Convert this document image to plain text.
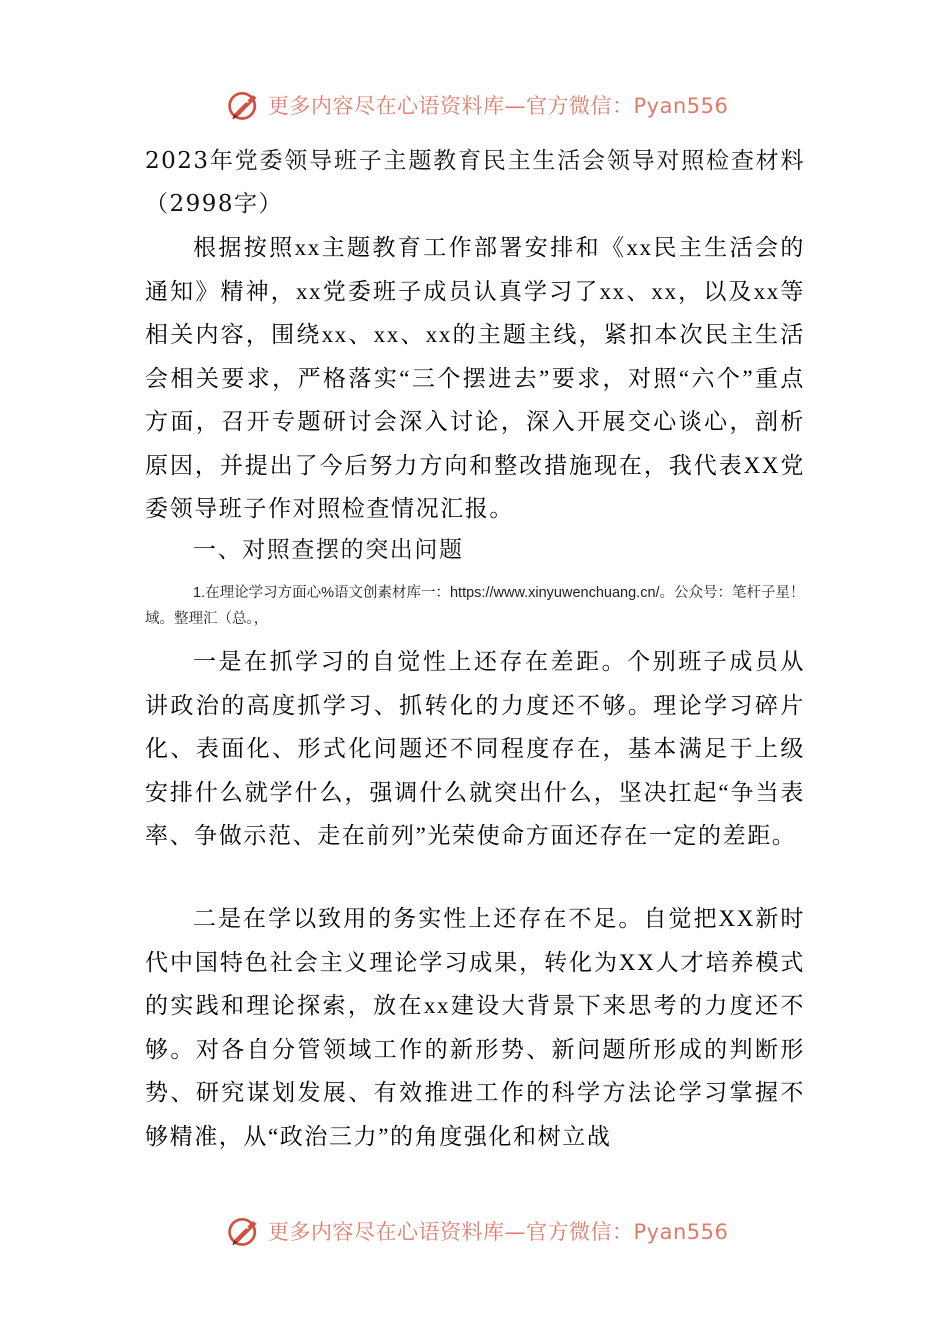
更多内容尽在心语资料库—官方微信：Pyan556
2023年党委领导班子主题教育民主生活会领导对照检查材料（2998字）

根据按照xx主题教育工作部署安排和《xx民主生活会的通知》精神，xx党委班子成员认真学习了xx、xx，以及xx等相关内容，围绕xx、xx、xx的主题主线，紧扣本次民主生活会相关要求，严格落实“三个摆进去”要求，对照“六个”重点方面，召开专题研讨会深入讨论，深入开展交心谈心，剖析原因，并提出了今后努力方向和整改措施现在，我代表XX党委领导班子作对照检查情况汇报。

一、对照查摆的突出问题
1.在理论学习方面心%语文创素材库一：https://www.xinyuwenchuang.cn/。公众号：笔杆子星！域。整理汇（总。，

一是在抓学习的自觉性上还存在差距。个别班子成员从讲政治的高度抓学习、抓转化的力度还不够。理论学习碎片化、表面化、形式化问题还不同程度存在，基本满足于上级安排什么就学什么，强调什么就突出什么，坚决扛起“争当表率、争做示范、走在前列”光荣使命方面还存在一定的差距。

二是在学以致用的务实性上还存在不足。自觉把XX新时代中国特色社会主义理论学习成果，转化为XX人才培养模式的实践和理论探索，放在xx建设大背景下来思考的力度还不够。对各自分管领域工作的新形势、新问题所形成的判断形势、研究谋划发展、有效推进工作的科学方法论学习掌握不够精准，从“政治三力”的角度强化和树立战

更多内容尽在心语资料库—官方微信：Pyan556
